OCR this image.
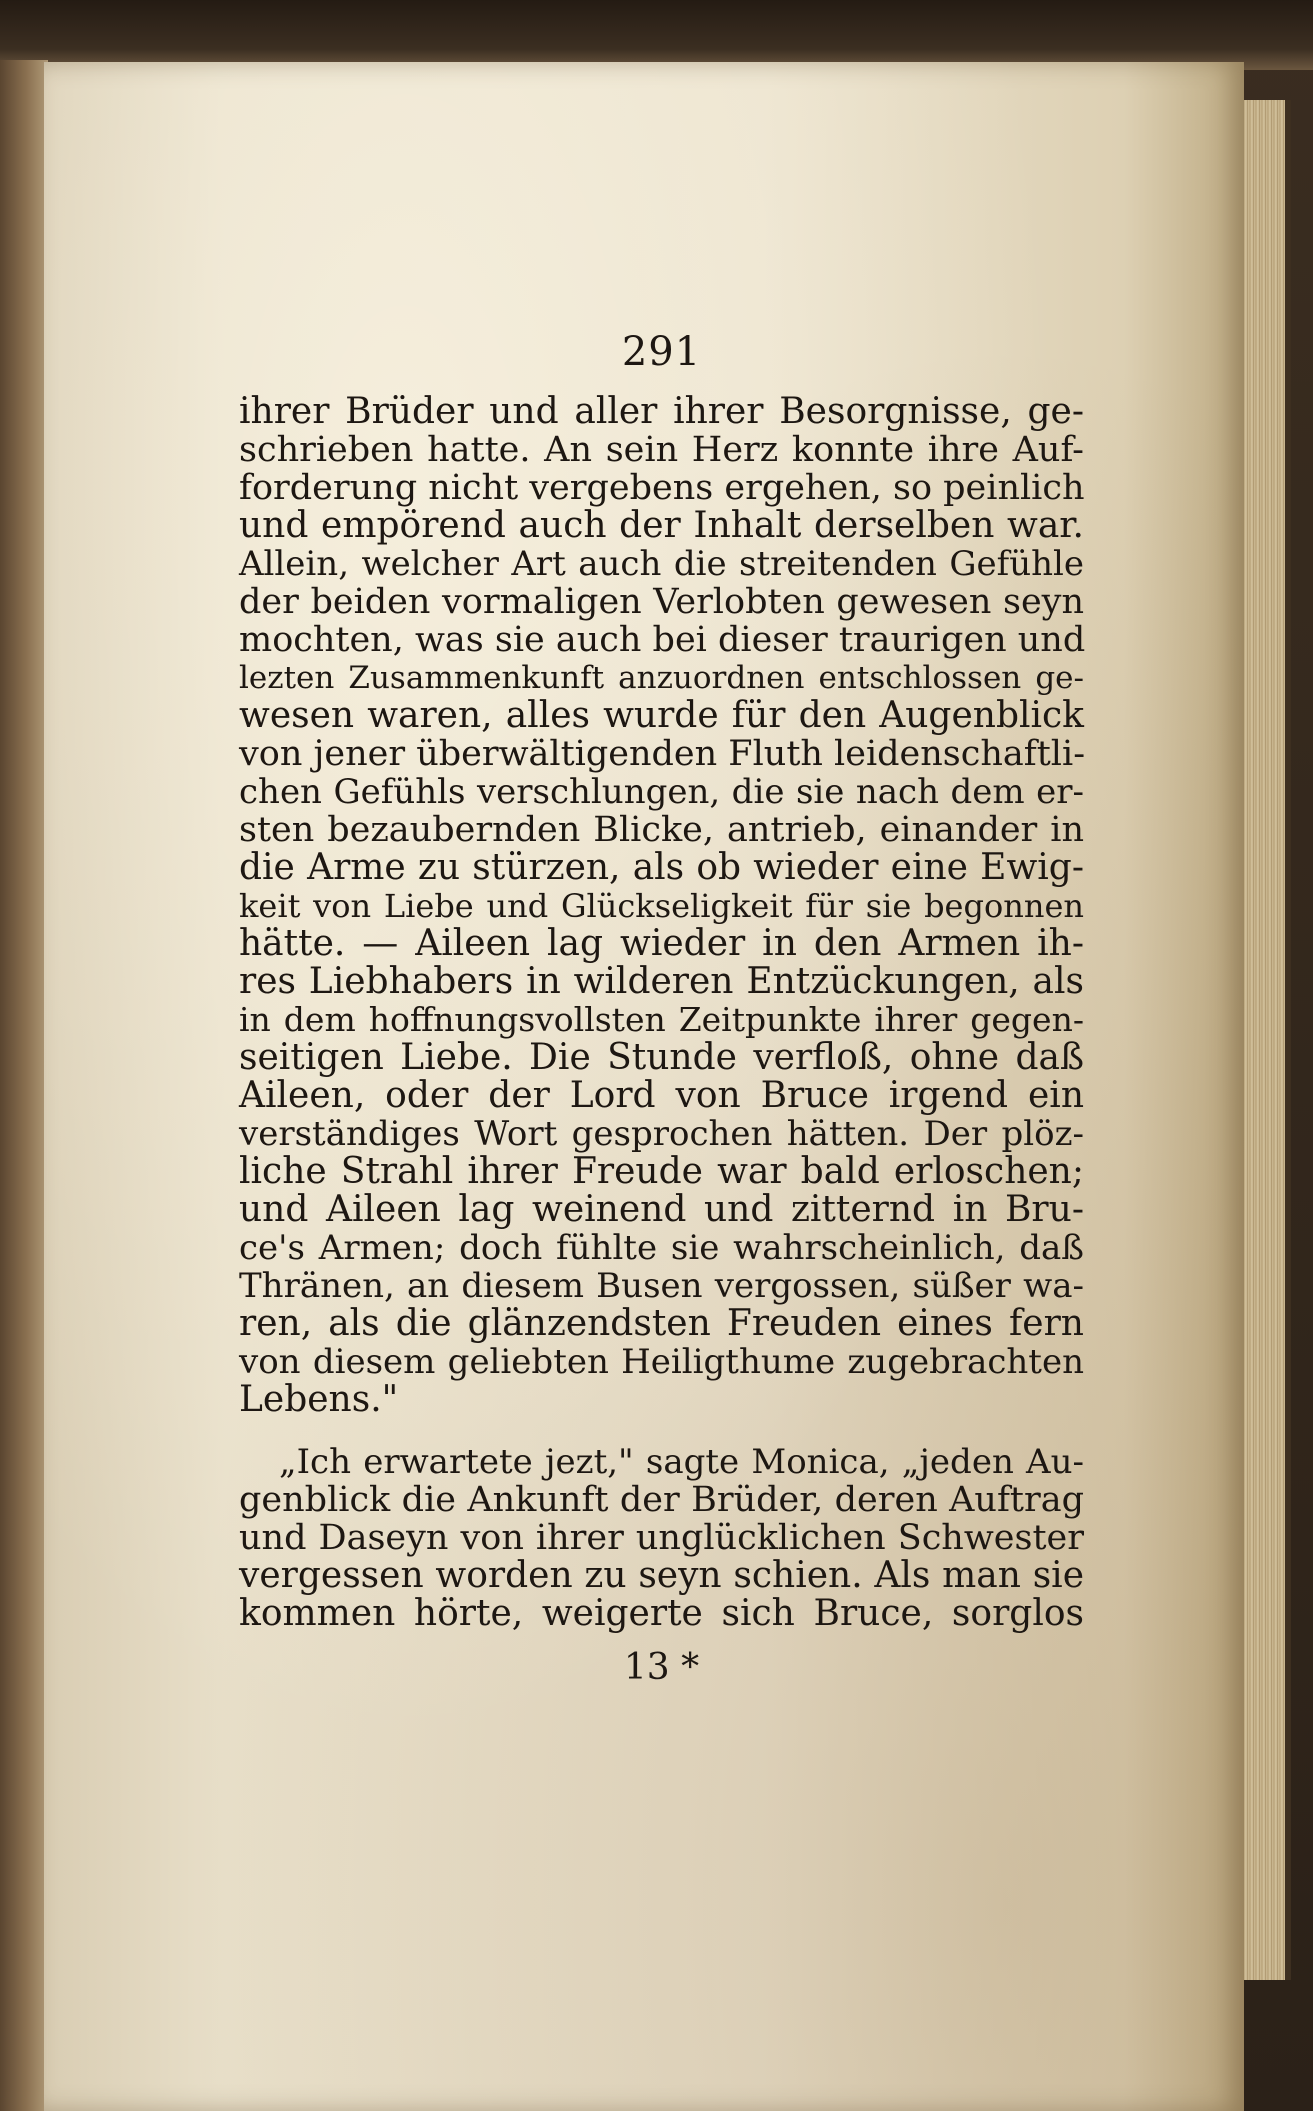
291
ihrer Brüder und aller ihrer Besorgnisse, ge-
schrieben hatte. An sein Herz konnte ihre Auf-
forderung nicht vergebens ergehen, so peinlich
und empörend auch der Inhalt derselben war.
Allein, welcher Art auch die streitenden Gefühle
der beiden vormaligen Verlobten gewesen seyn
mochten, was sie auch bei dieser traurigen und
lezten Zusammenkunft anzuordnen entschlossen ge-
wesen waren, alles wurde für den Augenblick
von jener überwältigenden Fluth leidenschaftli-
chen Gefühls verschlungen, die sie nach dem er-
sten bezaubernden Blicke, antrieb, einander in
die Arme zu stürzen, als ob wieder eine Ewig-
keit von Liebe und Glückseligkeit für sie begonnen
hätte. — Aileen lag wieder in den Armen ih-
res Liebhabers in wilderen Entzückungen, als
in dem hoffnungsvollsten Zeitpunkte ihrer gegen-
seitigen Liebe. Die Stunde verfloß, ohne daß
Aileen, oder der Lord von Bruce irgend ein
verständiges Wort gesprochen hätten. Der plöz-
liche Strahl ihrer Freude war bald erloschen;
und Aileen lag weinend und zitternd in Bru-
ce's Armen; doch fühlte sie wahrscheinlich, daß
Thränen, an diesem Busen vergossen, süßer wa-
ren, als die glänzendsten Freuden eines fern
von diesem geliebten Heiligthume zugebrachten
Lebens."
„Ich erwartete jezt," sagte Monica, „jeden Au-
genblick die Ankunft der Brüder, deren Auftrag
und Daseyn von ihrer unglücklichen Schwester
vergessen worden zu seyn schien. Als man sie
kommen hörte, weigerte sich Bruce, sorglos
13 *
